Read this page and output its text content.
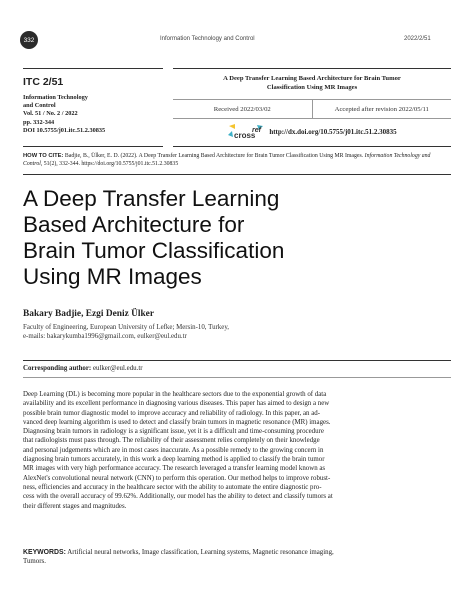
332	Information Technology and Control	2022/2/51
ITC 2/51
Information Technology
and Control
Vol. 51 / No. 2 / 2022
pp. 332-344
DOI 10.5755/j01.itc.51.2.30835
A Deep Transfer Learning Based Architecture for Brain Tumor
Classification Using MR Images
Received 2022/03/02	Accepted after revision 2022/05/11
cross
ref http://dx.doi.org/10.5755/j01.itc.51.2.30835
HOW TO CITE: Badjie, B., Ülker, E. D. (2022). A Deep Transfer Learning Based Architecture for Brain Tumor Classification Using MR Images. Information Technology and Control, 51(2), 332-344. https://doi.org/10.5755/j01.itc.51.2.30835
A Deep Transfer Learning
Based Architecture for
Brain Tumor Classification
Using MR Images
Bakary Badjie, Ezgi Deniz Ülker
Faculty of Engineering, European University of Lefke; Mersin-10, Turkey,
e-mails: bakarykumba1996@gmail.com, eulker@eul.edu.tr
Corresponding author: eulker@eul.edu.tr
Deep Learning (DL) is becoming more popular in the healthcare sectors due to the exponential growth of data
availability and its excellent performance in diagnosing various diseases. This paper has aimed to design a new
possible brain tumor diagnostic model to improve accuracy and reliability of radiology. In this paper, an ad-
vanced deep learning algorithm is used to detect and classify brain tumors in magnetic resonance (MR) images.
Diagnosing brain tumors in radiology is a significant issue, yet it is a difficult and time-consuming procedure
that radiologists must pass through. The reliability of their assessment relies completely on their knowledge
and personal judgements which are in most cases inaccurate. As a possible remedy to the growing concern in
diagnosing brain tumors accurately, in this work a deep learning method is applied to classify the brain tumor
MR images with very high performance accuracy. The research leveraged a transfer learning model known as
AlexNet's convolutional neural network (CNN) to perform this operation. Our method helps to improve robust-
ness, efficiencies and accuracy in the healthcare sector with the ability to automate the entire diagnostic pro-
cess with the overall accuracy of 99.62%. Additionally, our model has the ability to detect and classify tumors at
their different stages and magnitudes.
KEYWORDS: Artificial neural networks, Image classification, Learning systems, Magnetic resonance imaging,
Tumors.
